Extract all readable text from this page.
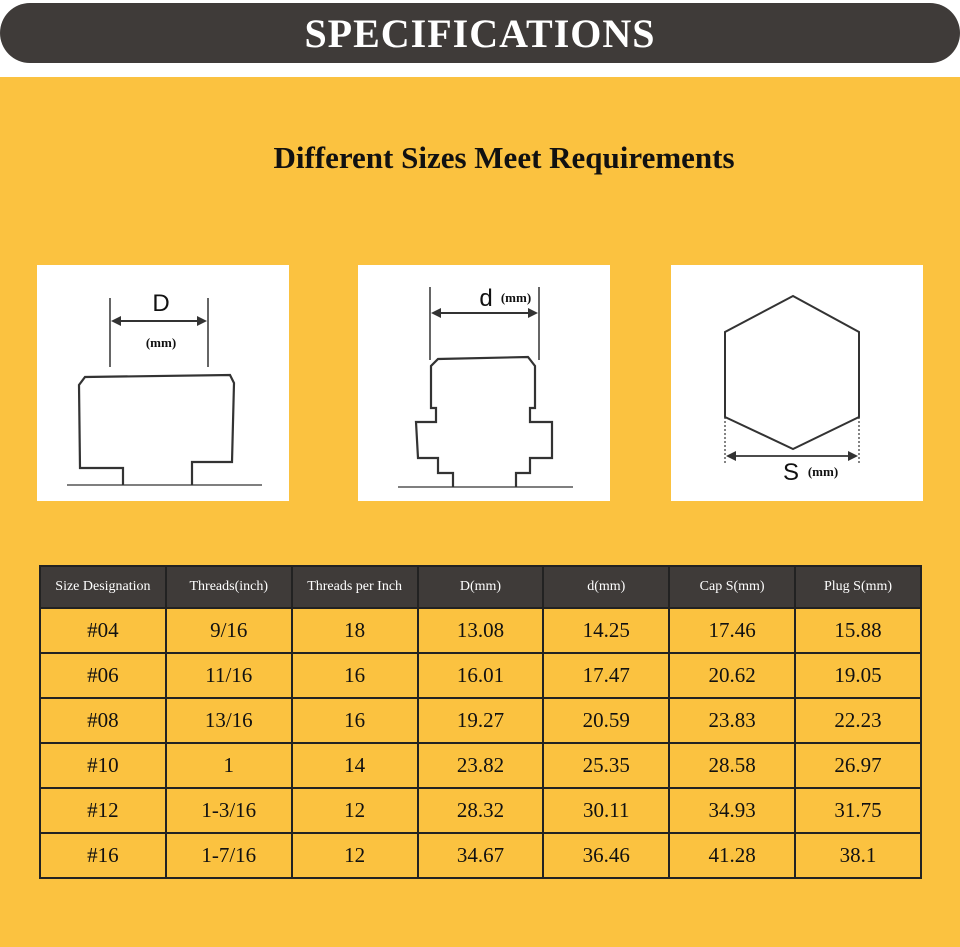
SPECIFICATIONS
Different Sizes Meet Requirements
D
(mm)
d (mm)
S (mm)
Size Designation	Threads(inch)	Threads per Inch	D(mm)	d(mm)	Cap S(mm)	Plug S(mm)
#04	9/16	18	13.08	14.25	17.46	15.88
#06	11/16	16	16.01	17.47	20.62	19.05
#08	13/16	16	19.27	20.59	23.83	22.23
#10	1	14	23.82	25.35	28.58	26.97
#12	1-3/16	12	28.32	30.11	34.93	31.75
#16	1-7/16	12	34.67	36.46	41.28	38.1
